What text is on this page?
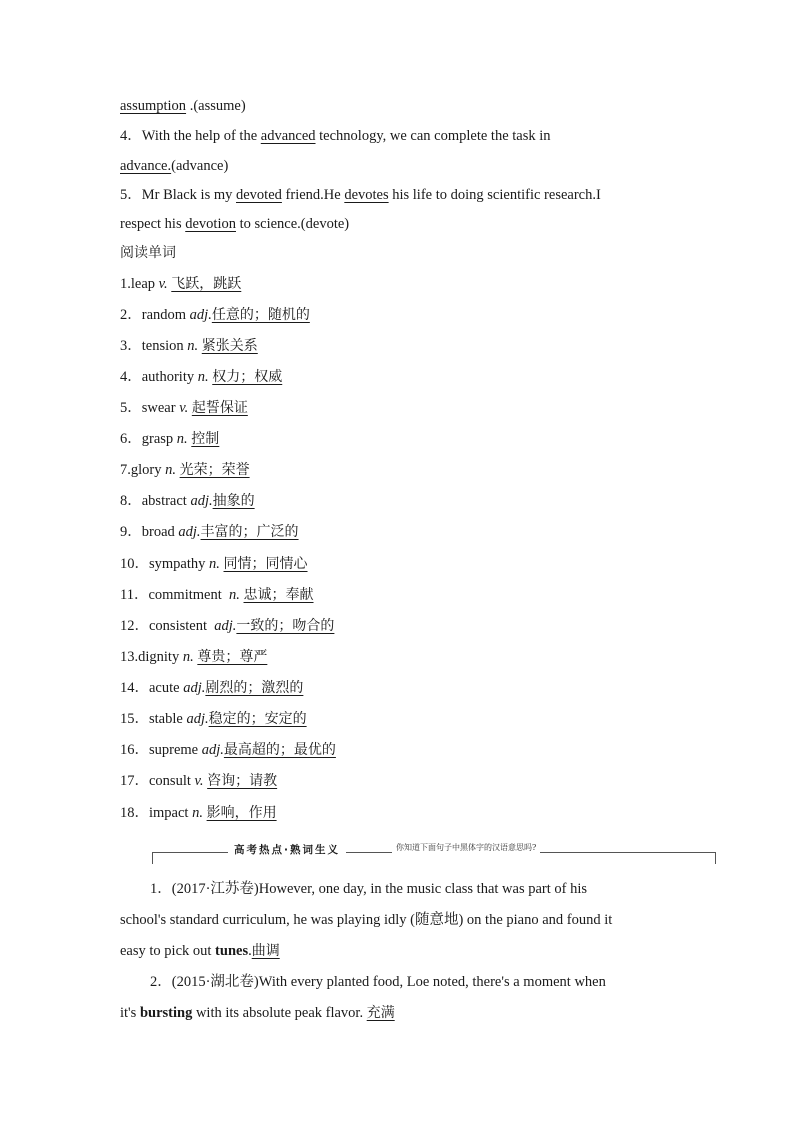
assumption .(assume)
4．With the help of the advanced technology, we can complete the task in
advance.(advance)
5．Mr Black is my devoted friend.He devotes his life to doing scientific research.I
respect his devotion to science.(devote)
阅读单词
1.leap v. 飞跃，跳跃
2．random adj.任意的；随机的
3．tension n. 紧张关系
4．authority n. 权力；权威
5．swear v. 起誓保证
6．grasp n. 控制
7.glory n. 光荣；荣誉
8．abstract adj.抽象的
9．broad adj.丰富的；广泛的
10．sympathy n. 同情；同情心
11．commitment n. 忠诚；奉献
12．consistent adj.一致的；吻合的
13.dignity n. 尊贵；尊严
14．acute adj.剧烈的；激烈的
15．stable adj.稳定的；安定的
16．supreme adj.最高超的；最优的
17．consult v. 咨询；请教
18．impact n. 影响，作用
高考热点·熟词生义	你知道下面句子中黑体字的汉语意思吗?
1．(2017·江苏卷)However, one day, in the music class that was part of his
school's standard curriculum, he was playing idly (随意地) on the piano and found it
easy to pick out tunes.曲调
2．(2015·湖北卷)With every planted food, Loe noted, there's a moment when
it's bursting with its absolute peak flavor. 充满
